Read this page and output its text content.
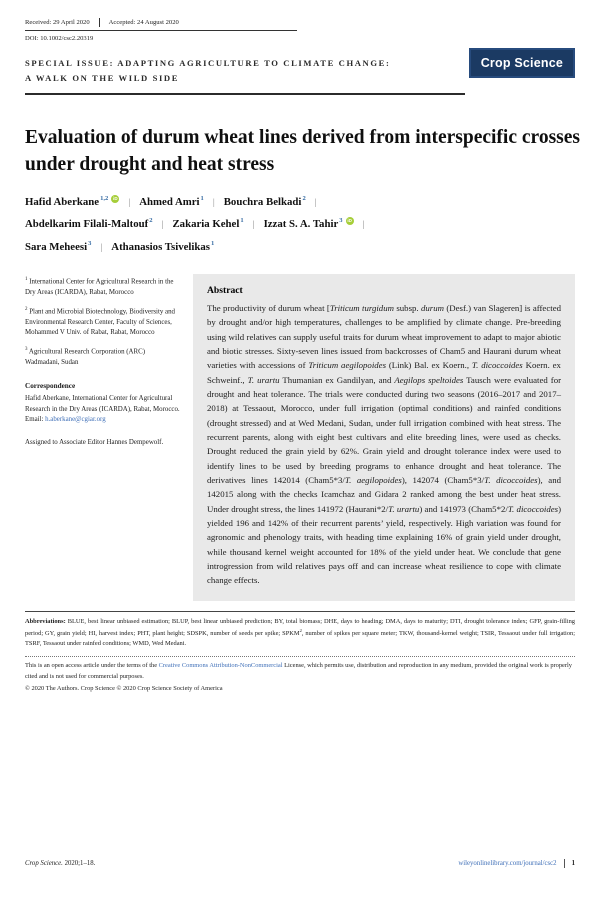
Received: 29 April 2020	Accepted: 24 August 2020
DOI: 10.1002/csc2.20319
SPECIAL ISSUE: ADAPTING AGRICULTURE TO CLIMATE CHANGE:
A WALK ON THE WILD SIDE
Crop Science
Evaluation of durum wheat lines derived from interspecific crosses under drought and heat stress
Hafid Aberkane$^{1,2}$ iD | Ahmed Amri$^1$ | Bouchra Belkadi$^2$ |
Abdelkarim Filali-Maltouf$^2$ | Zakaria Kehel$^1$ | Izzat S. A. Tahir$^3$ iD |
Sara Meheesi$^3$ | Athanasios Tsivelikas$^1$
$^1$ International Center for Agricultural Research in the Dry Areas (ICARDA), Rabat, Morocco
$^2$ Plant and Microbial Biotechnology, Biodiversity and Environmental Research Center, Faculty of Sciences, Mohammed V Univ. of Rabat, Rabat, Morocco
$^3$ Agricultural Research Corporation (ARC) Wadmadani, Sudan
Correspondence
Hafid Aberkane, International Center for Agricultural Research in the Dry Areas (ICARDA), Rabat, Morocco.
Email: h.aberkane@cgiar.org
Assigned to Associate Editor Hannes Dempewolf.
Abstract

The productivity of durum wheat [Triticum turgidum subsp. durum (Desf.) van Slageren] is affected by drought and/or high temperatures, challenges to be amplified by climate change. Pre-breeding using wild relatives can supply useful traits for durum wheat improvement to adapt to major abiotic and biotic stresses. Sixty-seven lines issued from backcrosses of Cham5 and Haurani durum wheat varieties with accessions of Triticum aegilopoides (Link) Bal. ex Koern., T. dicoccoides Koern. ex Schweinf., T. urartu Thumanian ex Gandilyan, and Aegilops speltoides Tausch were evaluated for drought and heat tolerance. The trials were conducted during two seasons (2016–2017 and 2017–2018) at Tessaout, Morocco, under full irrigation (optimal conditions) and rainfed conditions (drought stressed) and at Wed Medani, Sudan, under full irrigation combined with heat stress. The recurrent parents, along with eight best cultivars and elite breeding lines, were used as checks. Drought reduced the grain yield by 62%. Grain yield and drought tolerance index were used to identify lines to be used by breeding programs to enhance drought and heat tolerance. The derivatives lines 142014 (Cham5*3/T. aegilopoides), 142074 (Cham5*3/T. dicoccoides), and 142015 along with the checks Icamchaz and Gidara 2 ranked among the best under heat stress. Under drought stress, the lines 141972 (Haurani*2/T. urartu) and 141973 (Cham5*2/T. dicoccoides) yielded 196 and 142% of their recurrent parents’ yield, respectively. High variation was found for agronomic and phenology traits, with heading time explaining 16% of grain yield under drought, while thousand kernel weight accounted for 18% of the yield under heat. We conclude that gene introgression from wild relatives pays off and can increase wheat resilience to cope with climate change effects.

Abbreviations: BLUE, best linear unbiased estimation; BLUP, best linear unbiased prediction; BY, total biomass; DHE, days to heading; DMA, days to maturity; DTI, drought tolerance index; GFP, grain-filling period; GY, grain yield; HI, harvest index; PHT, plant height; SDSPK, number of seeds per spike; SPKM$^2$, number of spikes per square meter; TKW, thousand-kernel weight; TSIR, Tessaout under full irrigation; TSRF, Tessaout under rainfed conditions; WMD, Wed Medani.
This is an open access article under the terms of the Creative Commons Attribution-NonCommercial License, which permits use, distribution and reproduction in any medium, provided the original work is properly cited and is not used for commercial purposes.
© 2020 The Authors. Crop Science © 2020 Crop Science Society of America
Crop Science. 2020;1–18.	wileyonlinelibrary.com/journal/csc2 1
